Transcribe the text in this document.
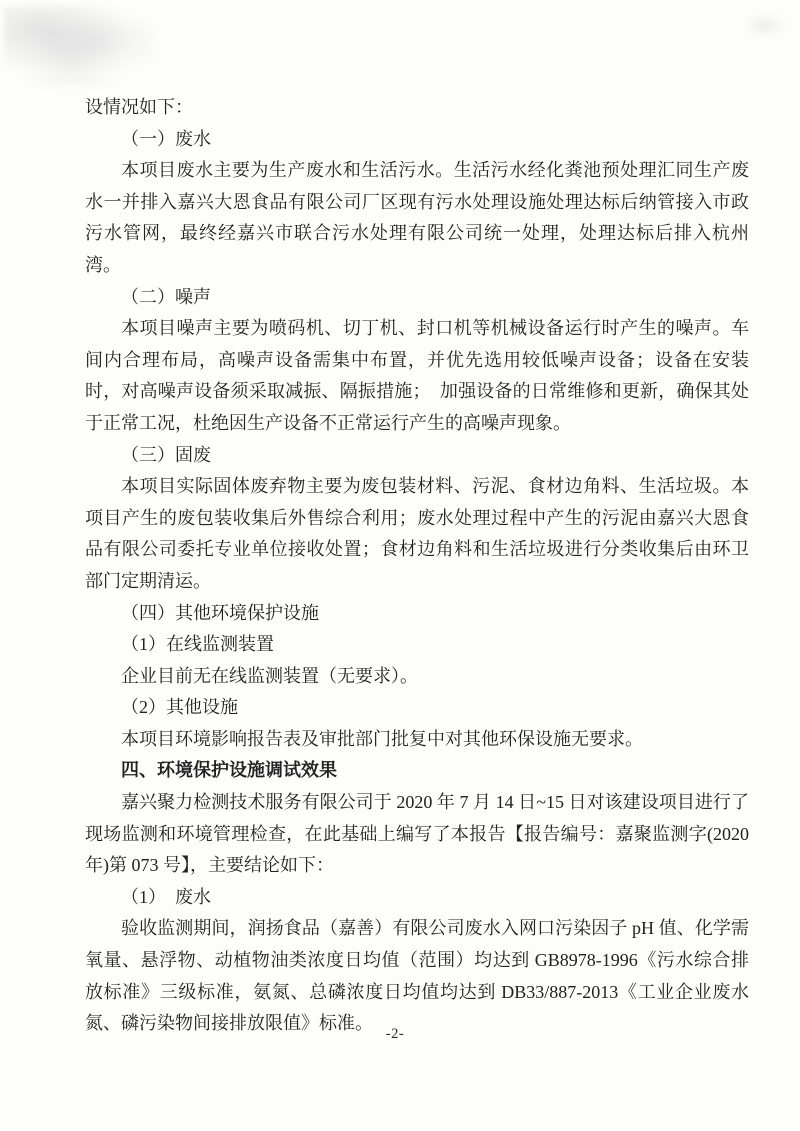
设情况如下：

（一）废水

本项目废水主要为生产废水和生活污水。生活污水经化粪池预处理汇同生产废水一并排入嘉兴大恩食品有限公司厂区现有污水处理设施处理达标后纳管接入市政污水管网，最终经嘉兴市联合污水处理有限公司统一处理，处理达标后排入杭州湾。

（二）噪声

本项目噪声主要为喷码机、切丁机、封口机等机械设备运行时产生的噪声。车间内合理布局，高噪声设备需集中布置，并优先选用较低噪声设备；设备在安装时，对高噪声设备须采取减振、隔振措施；　加强设备的日常维修和更新，确保其处于正常工况，杜绝因生产设备不正常运行产生的高噪声现象。

（三）固废

本项目实际固体废弃物主要为废包装材料、污泥、食材边角料、生活垃圾。本项目产生的废包装收集后外售综合利用；废水处理过程中产生的污泥由嘉兴大恩食品有限公司委托专业单位接收处置；食材边角料和生活垃圾进行分类收集后由环卫部门定期清运。

（四）其他环境保护设施

（1）在线监测装置

企业目前无在线监测装置（无要求）。

（2）其他设施

本项目环境影响报告表及审批部门批复中对其他环保设施无要求。

四、环境保护设施调试效果

嘉兴聚力检测技术服务有限公司于 2020 年 7 月 14 日~15 日对该建设项目进行了现场监测和环境管理检查，在此基础上编写了本报告【报告编号：嘉聚监测字(2020年)第 073 号】，主要结论如下：

（1）　废水

验收监测期间，润扬食品（嘉善）有限公司废水入网口污染因子 pH 值、化学需氧量、悬浮物、动植物油类浓度日均值（范围）均达到 GB8978-1996《污水综合排放标准》三级标准，氨氮、总磷浓度日均值均达到 DB33/887-2013《工业企业废水氮、磷污染物间接排放限值》标准。

-2-
